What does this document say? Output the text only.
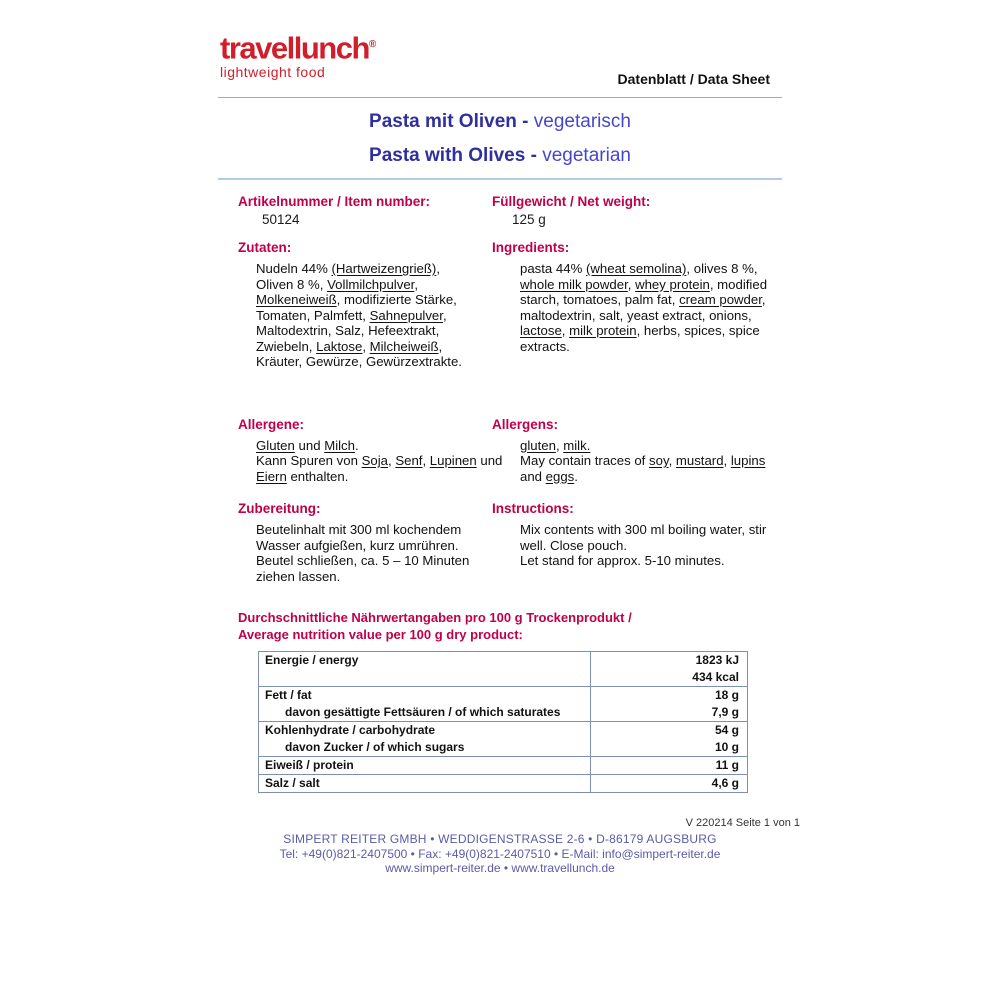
travellunch®
lightweight food	Datenblatt / Data Sheet
Pasta mit Oliven - vegetarisch
Pasta with Olives - vegetarian
Artikelnummer / Item number:
50124
Füllgewicht / Net weight:
125 g
Zutaten:
Nudeln 44% (Hartweizengrieß),
Oliven 8 %, Vollmilchpulver,
Molkeneiweiß, modifizierte Stärke,
Tomaten, Palmfett, Sahnepulver,
Maltodextrin, Salz, Hefeextrakt,
Zwiebeln, Laktose, Milcheiweiß,
Kräuter, Gewürze, Gewürzextrakte.
Ingredients:
pasta 44% (wheat semolina), olives 8 %,
whole milk powder, whey protein, modified
starch, tomatoes, palm fat, cream powder,
maltodextrin, salt, yeast extract, onions,
lactose, milk protein, herbs, spices, spice
extracts.
Allergene:
Gluten und Milch.
Kann Spuren von Soja, Senf, Lupinen und
Eiern enthalten.
Allergens:
gluten, milk.
May contain traces of soy, mustard, lupins
and eggs.
Zubereitung:
Beutelinhalt mit 300 ml kochendem
Wasser aufgießen, kurz umrühren.
Beutel schließen, ca. 5 – 10 Minuten
ziehen lassen.
Instructions:
Mix contents with 300 ml boiling water, stir
well. Close pouch.
Let stand for approx. 5-10 minutes.
Durchschnittliche Nährwertangaben pro 100 g Trockenprodukt /
Average nutrition value per 100 g dry product:
Energie / energy	1823 kJ
	434 kcal
Fett / fat	18 g
davon gesättigte Fettsäuren / of which saturates	7,9 g
Kohlenhydrate / carbohydrate	54 g
davon Zucker / of which sugars	10 g
Eiweiß / protein	11 g
Salz / salt	4,6 g
V 220214 Seite 1 von 1
SIMPERT REITER GMBH • WEDDIGENSTRASSE 2-6 • D-86179 AUGSBURG
Tel: +49(0)821-2407500 • Fax: +49(0)821-2407510 • E-Mail: info@simpert-reiter.de
www.simpert-reiter.de • www.travellunch.de
